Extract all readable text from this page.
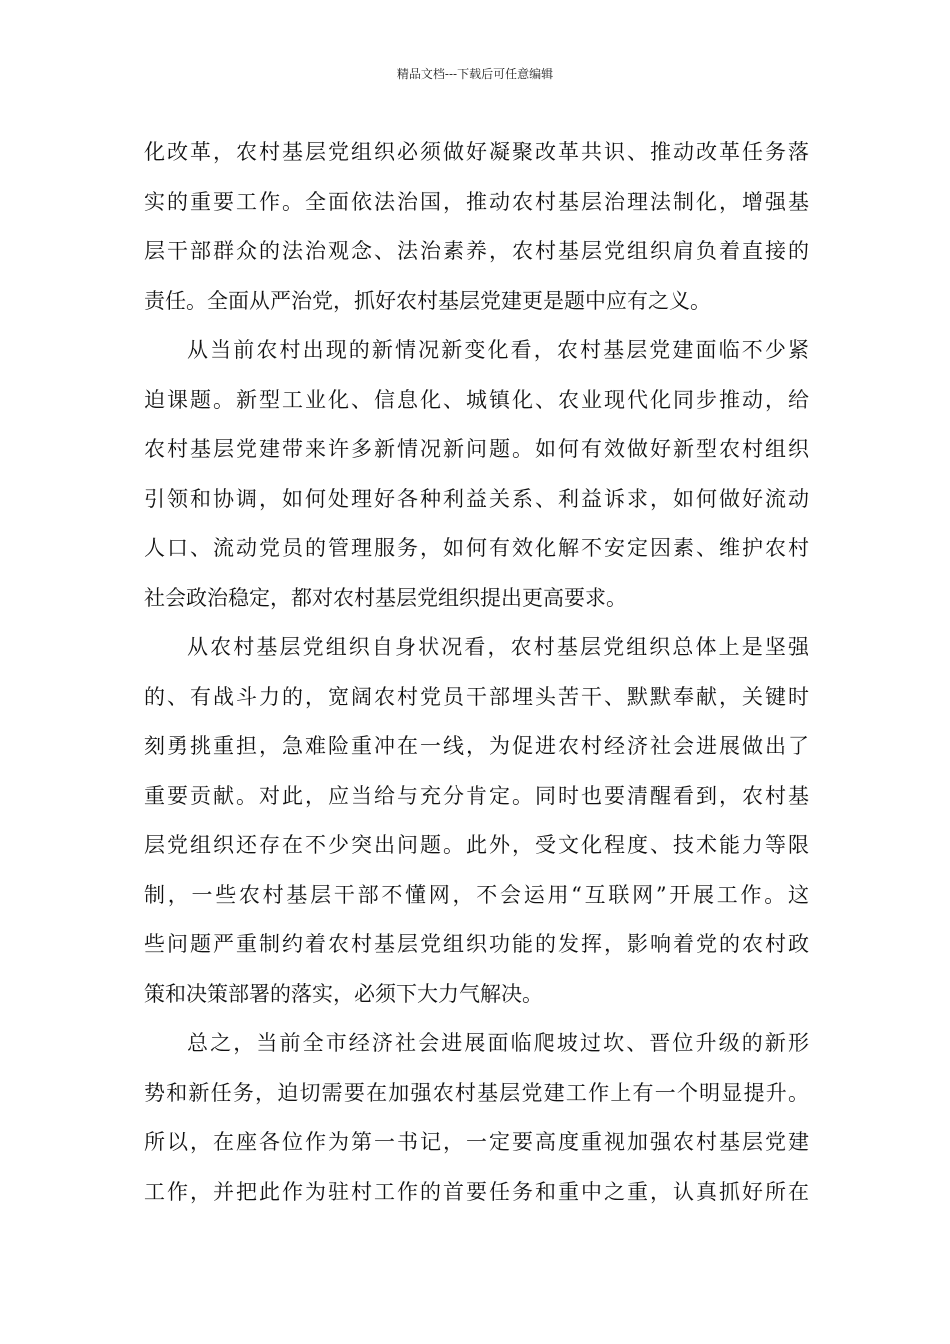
精品文档---下载后可任意编辑
化改革，农村基层党组织必须做好凝聚改革共识、推动改革任务落
实的重要工作。全面依法治国，推动农村基层治理法制化，增强基
层干部群众的法治观念、法治素养，农村基层党组织肩负着直接的
责任。全面从严治党，抓好农村基层党建更是题中应有之义。
从当前农村出现的新情况新变化看，农村基层党建面临不少紧
迫课题。新型工业化、信息化、城镇化、农业现代化同步推动，给
农村基层党建带来许多新情况新问题。如何有效做好新型农村组织
引领和协调，如何处理好各种利益关系、利益诉求，如何做好流动
人口、流动党员的管理服务，如何有效化解不安定因素、维护农村
社会政治稳定，都对农村基层党组织提出更高要求。
从农村基层党组织自身状况看，农村基层党组织总体上是坚强
的、有战斗力的，宽阔农村党员干部埋头苦干、默默奉献，关键时
刻勇挑重担，急难险重冲在一线，为促进农村经济社会进展做出了
重要贡献。对此，应当给与充分肯定。同时也要清醒看到，农村基
层党组织还存在不少突出问题。此外，受文化程度、技术能力等限
制，一些农村基层干部不懂网，不会运用“互联网”开展工作。这
些问题严重制约着农村基层党组织功能的发挥，影响着党的农村政
策和决策部署的落实，必须下大力气解决。
总之，当前全市经济社会进展面临爬坡过坎、晋位升级的新形
势和新任务，迫切需要在加强农村基层党建工作上有一个明显提升。
所以，在座各位作为第一书记，一定要高度重视加强农村基层党建
工作，并把此作为驻村工作的首要任务和重中之重，认真抓好所在
